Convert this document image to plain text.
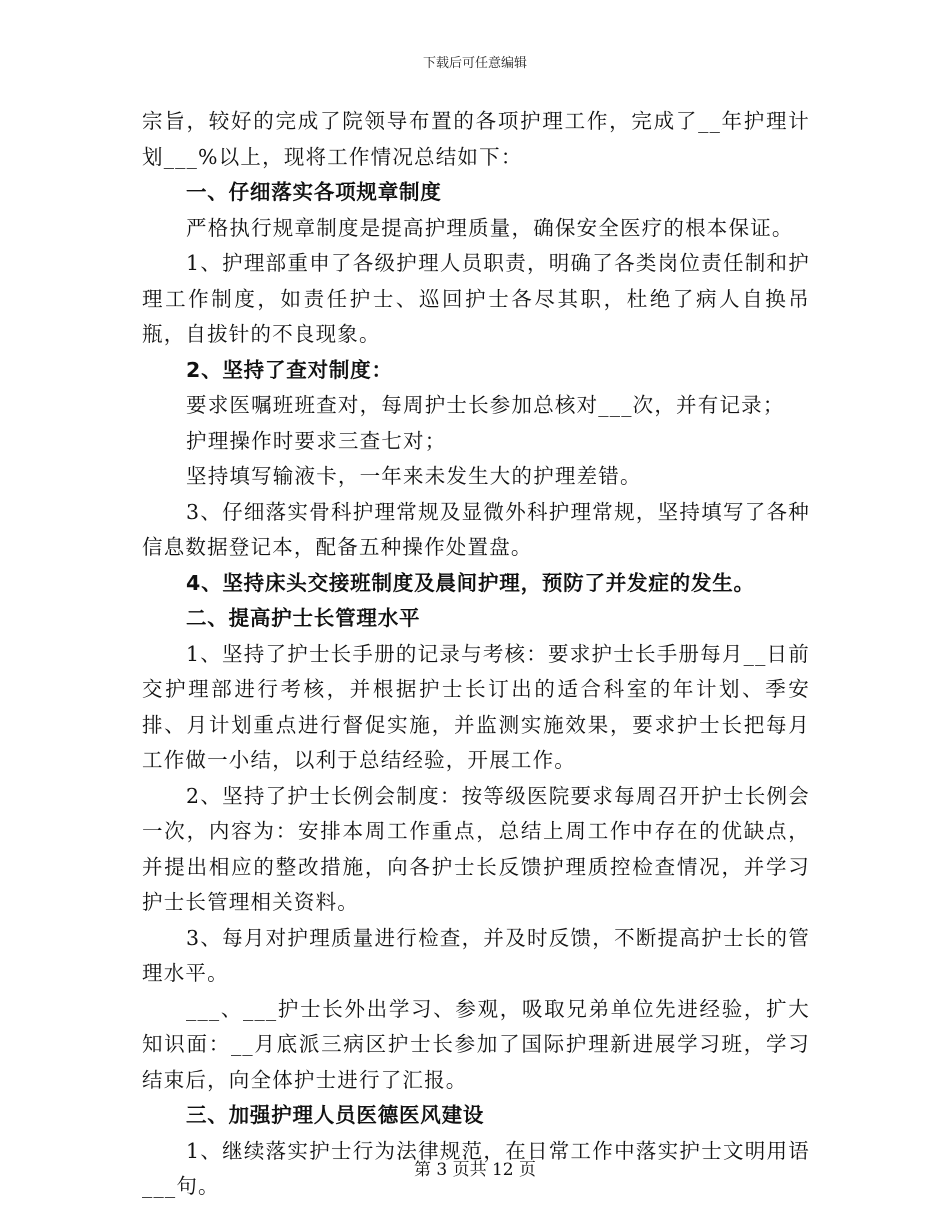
下载后可任意编辑

宗旨，较好的完成了院领导布置的各项护理工作，完成了__年护理计划___%以上，现将工作情况总结如下：

一、仔细落实各项规章制度

严格执行规章制度是提高护理质量，确保安全医疗的根本保证。

1、护理部重申了各级护理人员职责，明确了各类岗位责任制和护理工作制度，如责任护士、巡回护士各尽其职，杜绝了病人自换吊瓶，自拔针的不良现象。

2、坚持了查对制度：

要求医嘱班班查对，每周护士长参加总核对___次，并有记录；

护理操作时要求三查七对；

坚持填写输液卡，一年来未发生大的护理差错。

3、仔细落实骨科护理常规及显微外科护理常规，坚持填写了各种信息数据登记本，配备五种操作处置盘。

4、坚持床头交接班制度及晨间护理，预防了并发症的发生。

二、提高护士长管理水平

1、坚持了护士长手册的记录与考核：要求护士长手册每月__日前交护理部进行考核，并根据护士长订出的适合科室的年计划、季安排、月计划重点进行督促实施，并监测实施效果，要求护士长把每月工作做一小结，以利于总结经验，开展工作。

2、坚持了护士长例会制度：按等级医院要求每周召开护士长例会一次，内容为：安排本周工作重点，总结上周工作中存在的优缺点，并提出相应的整改措施，向各护士长反馈护理质控检查情况，并学习护士长管理相关资料。

3、每月对护理质量进行检查，并及时反馈，不断提高护士长的管理水平。

___、___护士长外出学习、参观，吸取兄弟单位先进经验，扩大知识面：__月底派三病区护士长参加了国际护理新进展学习班，学习结束后，向全体护士进行了汇报。

三、加强护理人员医德医风建设

1、继续落实护士行为法律规范，在日常工作中落实护士文明用语___句。

第 3 页共 12 页
